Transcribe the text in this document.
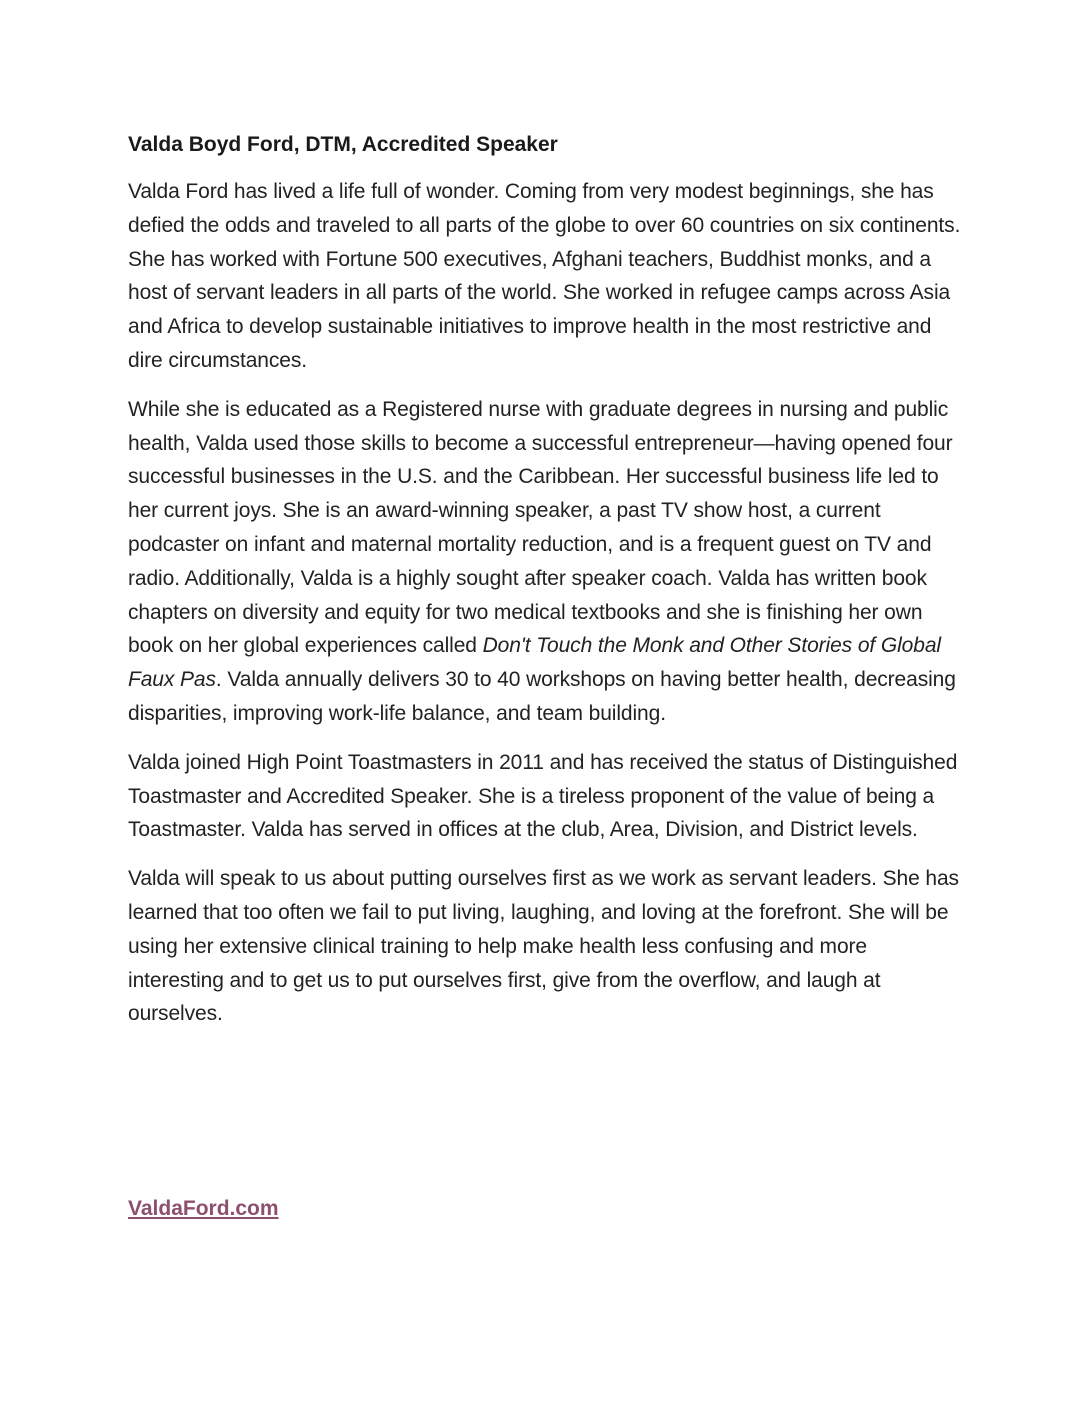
Valda Boyd Ford, DTM, Accredited Speaker

Valda Ford has lived a life full of wonder. Coming from very modest beginnings, she has defied the odds and traveled to all parts of the globe to over 60 countries on six continents. She has worked with Fortune 500 executives, Afghani teachers, Buddhist monks, and a host of servant leaders in all parts of the world. She worked in refugee camps across Asia and Africa to develop sustainable initiatives to improve health in the most restrictive and dire circumstances.

While she is educated as a Registered nurse with graduate degrees in nursing and public health, Valda used those skills to become a successful entrepreneur—having opened four successful businesses in the U.S. and the Caribbean. Her successful business life led to her current joys. She is an award-winning speaker, a past TV show host, a current podcaster on infant and maternal mortality reduction, and is a frequent guest on TV and radio. Additionally, Valda is a highly sought after speaker coach. Valda has written book chapters on diversity and equity for two medical textbooks and she is finishing her own book on her global experiences called Don't Touch the Monk and Other Stories of Global Faux Pas. Valda annually delivers 30 to 40 workshops on having better health, decreasing disparities, improving work-life balance, and team building.

Valda joined High Point Toastmasters in 2011 and has received the status of Distinguished Toastmaster and Accredited Speaker. She is a tireless proponent of the value of being a Toastmaster. Valda has served in offices at the club, Area, Division, and District levels.

Valda will speak to us about putting ourselves first as we work as servant leaders. She has learned that too often we fail to put living, laughing, and loving at the forefront. She will be using her extensive clinical training to help make health less confusing and more interesting and to get us to put ourselves first, give from the overflow, and laugh at ourselves.

ValdaFord.com
